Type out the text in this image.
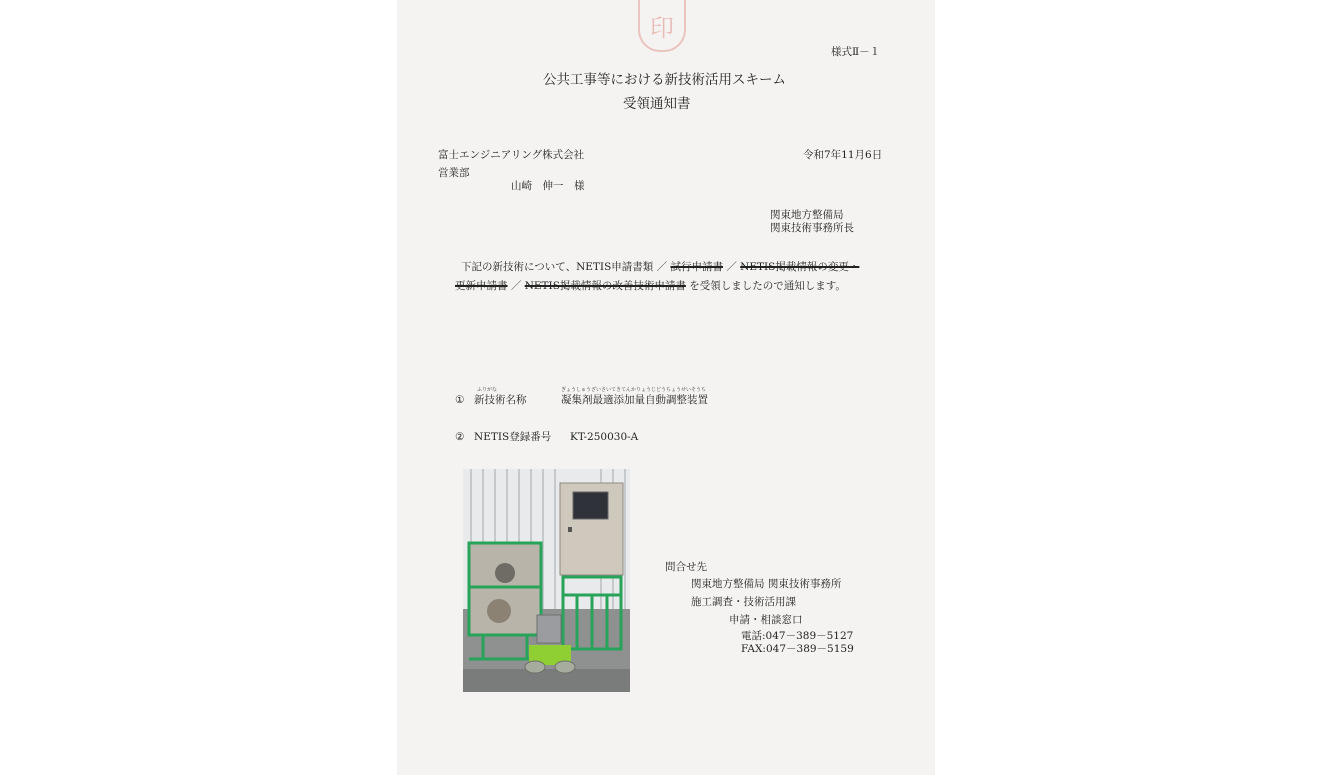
印
様式Ⅱ－１
公共工事等における新技術活用スキーム
受領通知書
富士エンジニアリング株式会社
営業部
山崎　伸一　様
令和7年11月6日
関東地方整備局
関東技術事務所長
下記の新技術について、NETIS申請書類 ／ 試行申請書 ／ NETIS掲載情報の変更・
更新申請書 ／ NETIS掲載情報の改善技術申請書 を受領しましたので通知します。
①
ふりがな
新技術名称
ぎょうしゅうざいさいてきてんかりょうじどうちょうせいそうち
凝集剤最適添加量自動調整装置
② NETIS登録番号 KT-250030-A
問合せ先
関東地方整備局 関東技術事務所
施工調査・技術活用課
申請・相談窓口
電話:047－389－5127
FAX:047－389－5159
